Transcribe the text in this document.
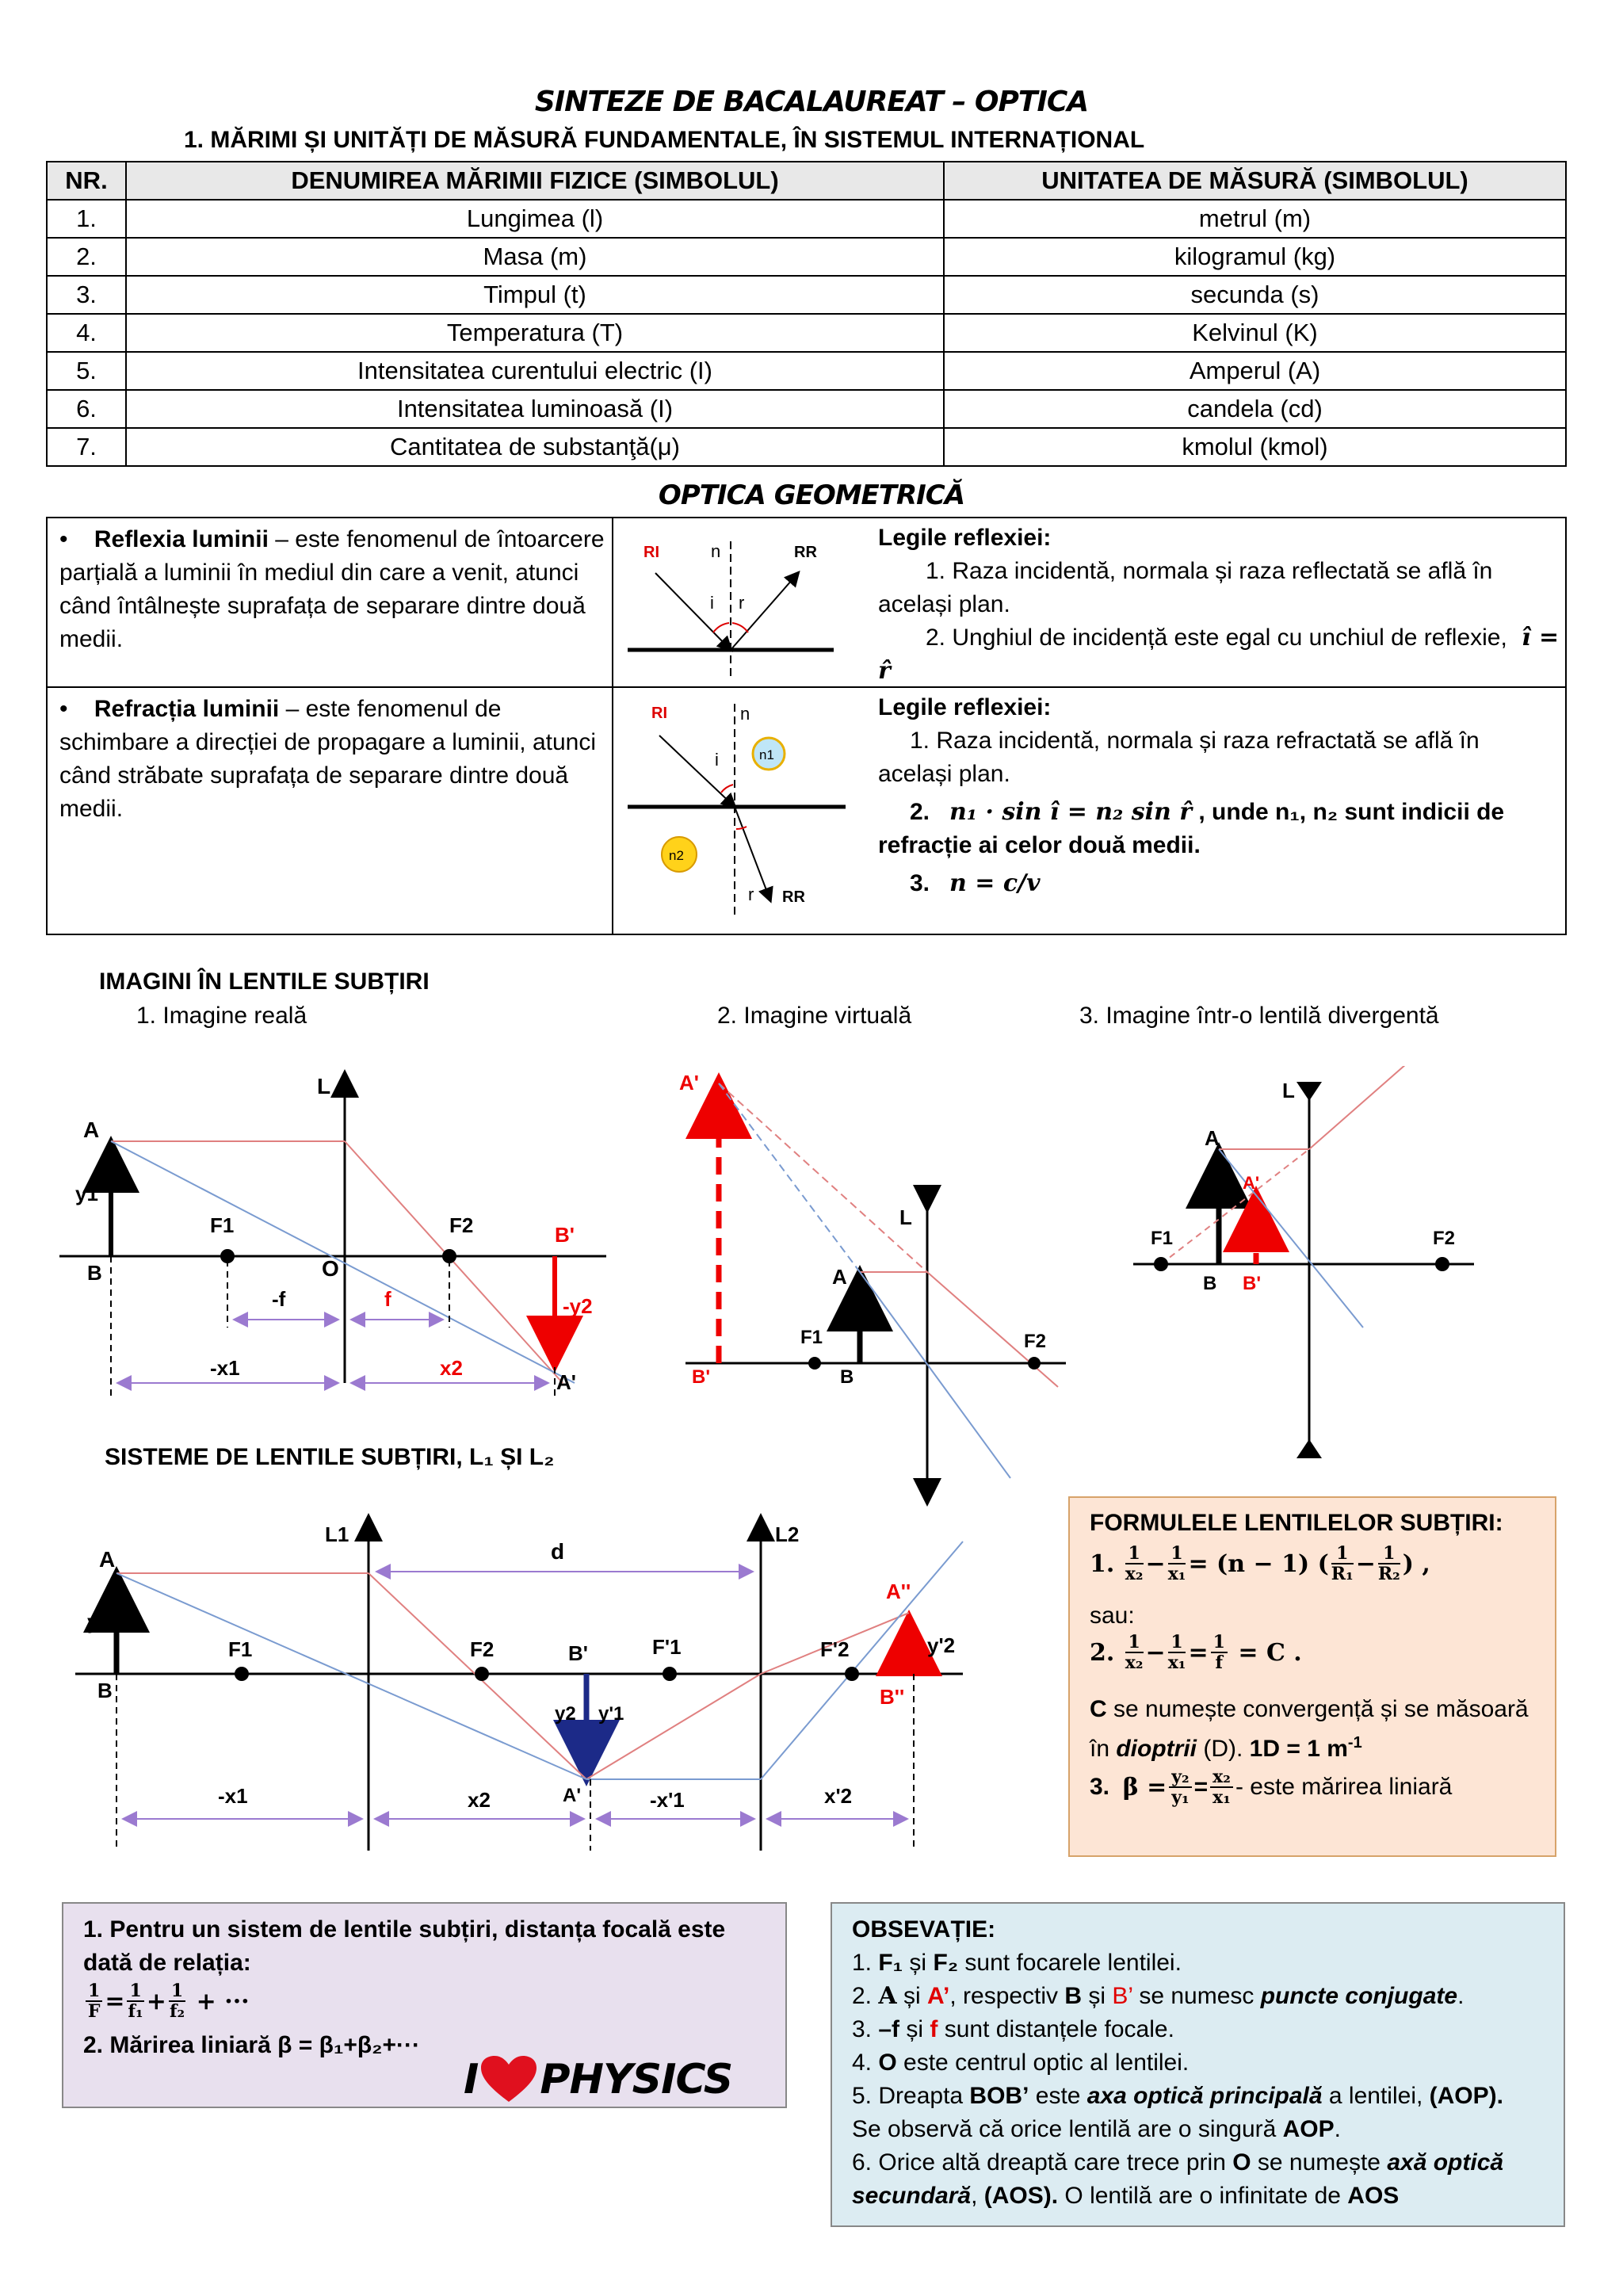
SINTEZE DE BACALAUREAT – OPTICA
1. MĂRIMI ȘI UNITĂȚI DE MĂSURĂ FUNDAMENTALE, ÎN SISTEMUL INTERNAȚIONAL
NR.	DENUMIREA MĂRIMII FIZICE (SIMBOLUL)	UNITATEA DE MĂSURĂ (SIMBOLUL)
1.	Lungimea (l)	metrul (m)
2.	Masa (m)	kilogramul (kg)
3.	Timpul (t)	secunda (s)
4.	Temperatura (T)	Kelvinul (K)
5.	Intensitatea curentului electric (I)	Amperul (A)
6.	Intensitatea luminoasă (I)	candela (cd)
7.	Cantitatea de substanţă(μ)	kmolul (kmol)
OPTICA GEOMETRICĂ
•    Reflexia luminii – este fenomenul de întoarcere parțială a luminii în mediul din care a venit, atunci când întâlnește suprafața de separare dintre două medii.
RI	n	RR
i r
Legile reflexiei:
1. Raza incidentă, normala și raza reflectată se află în același plan.
2. Unghiul de incidență este egal cu unchiul de reflexie, î = r̂
•    Refracția luminii – este fenomenul de schimbare a direcției de propagare a luminii, atunci când străbate suprafața de separare dintre două medii.
RI	n
i	n1
n2
r RR
Legile reflexiei:
1. Raza incidentă, normala și raza refractată se află în același plan.
2. n₁ · sin î = n₂ sin r̂ , unde n₁, n₂ sunt indicii de refracție ai celor două medii.
3. n = c/v
IMAGINI ÎN LENTILE SUBȚIRI
1. Imagine reală	2. Imagine virtuală	3. Imagine într-o lentilă divergentă
L
A
y1
B
F1
O
F2	B'
-y2
-f	f
-x1	x2
A'
A'
L
A
F1
B
F2
B'
L
A
A'
F1	F2
B B'
SISTEME DE LENTILE SUBȚIRI, L₁ ȘI L₂
L1
d
L2
A
y1
B
F1	F2	B'	F'1	F'2
A''
y'2
B''
y2 y'1
A'
-x1	x2	-x'1	x'2
FORMULELE LENTILELOR SUBȚIRI:
1.
$\frac{1}{\text{x₂}} - \frac{1}{\text{x₁}} = (n - 1)$ ( $\frac{1}{\text{R₁}} - \frac{1}{\text{R₂}}$ ) ,
sau:
2.
$\frac{1}{\text{x₂}} - \frac{1}{\text{x₁}} = \frac{1}{f}$
= C .
C se numește convergență și se măsoară în dioptrii (D). 1D = 1 $m^{-1}$
3.
$\beta = \frac{\text{y₂}}{\text{y₁}} = \frac{\text{x₂}}{\text{x₁}}$ - este mărirea liniară
1. Pentru un sistem de lentile subțiri, distanța focală este dată de relația:
$\frac{1}{F} = \frac{1}{\text{f₁}} + \frac{1}{\text{f₂}}$
+ ···
2. Mărirea liniară β = β₁+β₂+···
I PHYSICS
OBSEVAȚIE:
1. F₁ și F₂ sunt focarele lentilei.
2. A și A’, respectiv B și B’ se numesc puncte conjugate.
3. –f și f sunt distanțele focale.
4. O este centrul optic al lentilei.
5. Dreapta BOB’ este axa optică principală a lentilei, (AOP).
Se observă că orice lentilă are o singură AOP.
6. Orice altă dreaptă care trece prin O se numește axă optică secundară, (AOS). O lentilă are o infinitate de AOS
